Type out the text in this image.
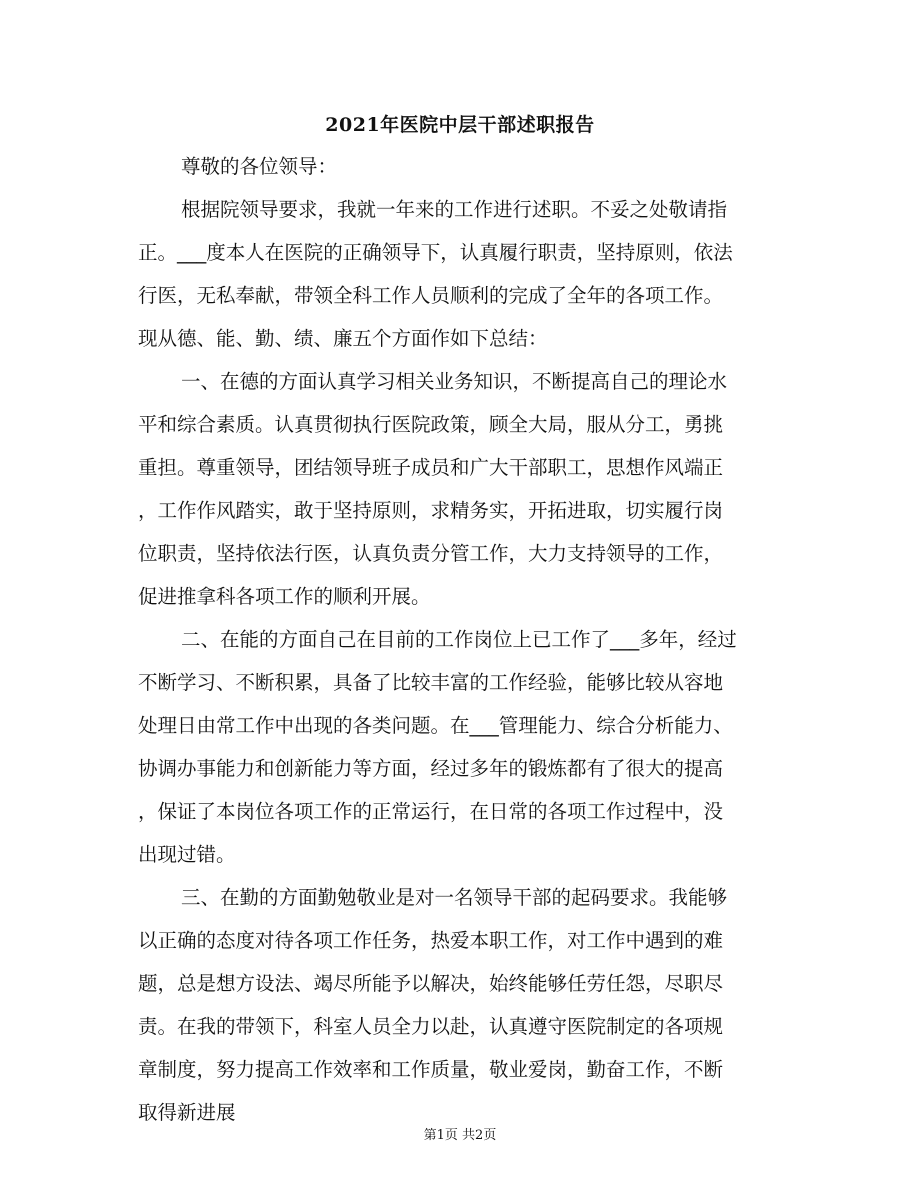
2021年医院中层干部述职报告
尊敬的各位领导：
根据院领导要求，我就一年来的工作进行述职。不妥之处敬请指
正。___度本人在医院的正确领导下，认真履行职责，坚持原则，依法
行医，无私奉献，带领全科工作人员顺利的完成了全年的各项工作。
现从德、能、勤、绩、廉五个方面作如下总结：
一、在德的方面认真学习相关业务知识，不断提高自己的理论水
平和综合素质。认真贯彻执行医院政策，顾全大局，服从分工，勇挑
重担。尊重领导，团结领导班子成员和广大干部职工，思想作风端正
，工作作风踏实，敢于坚持原则，求精务实，开拓进取，切实履行岗
位职责，坚持依法行医，认真负责分管工作，大力支持领导的工作，
促进推拿科各项工作的顺利开展。
二、在能的方面自己在目前的工作岗位上已工作了___多年，经过
不断学习、不断积累，具备了比较丰富的工作经验，能够比较从容地
处理日由常工作中出现的各类问题。在___管理能力、综合分析能力、
协调办事能力和创新能力等方面，经过多年的锻炼都有了很大的提高
，保证了本岗位各项工作的正常运行，在日常的各项工作过程中，没
出现过错。
三、在勤的方面勤勉敬业是对一名领导干部的起码要求。我能够
以正确的态度对待各项工作任务，热爱本职工作，对工作中遇到的难
题，总是想方设法、竭尽所能予以解决，始终能够任劳任怨，尽职尽
责。在我的带领下，科室人员全力以赴，认真遵守医院制定的各项规
章制度，努力提高工作效率和工作质量，敬业爱岗，勤奋工作，不断
取得新进展
第1页 共2页
